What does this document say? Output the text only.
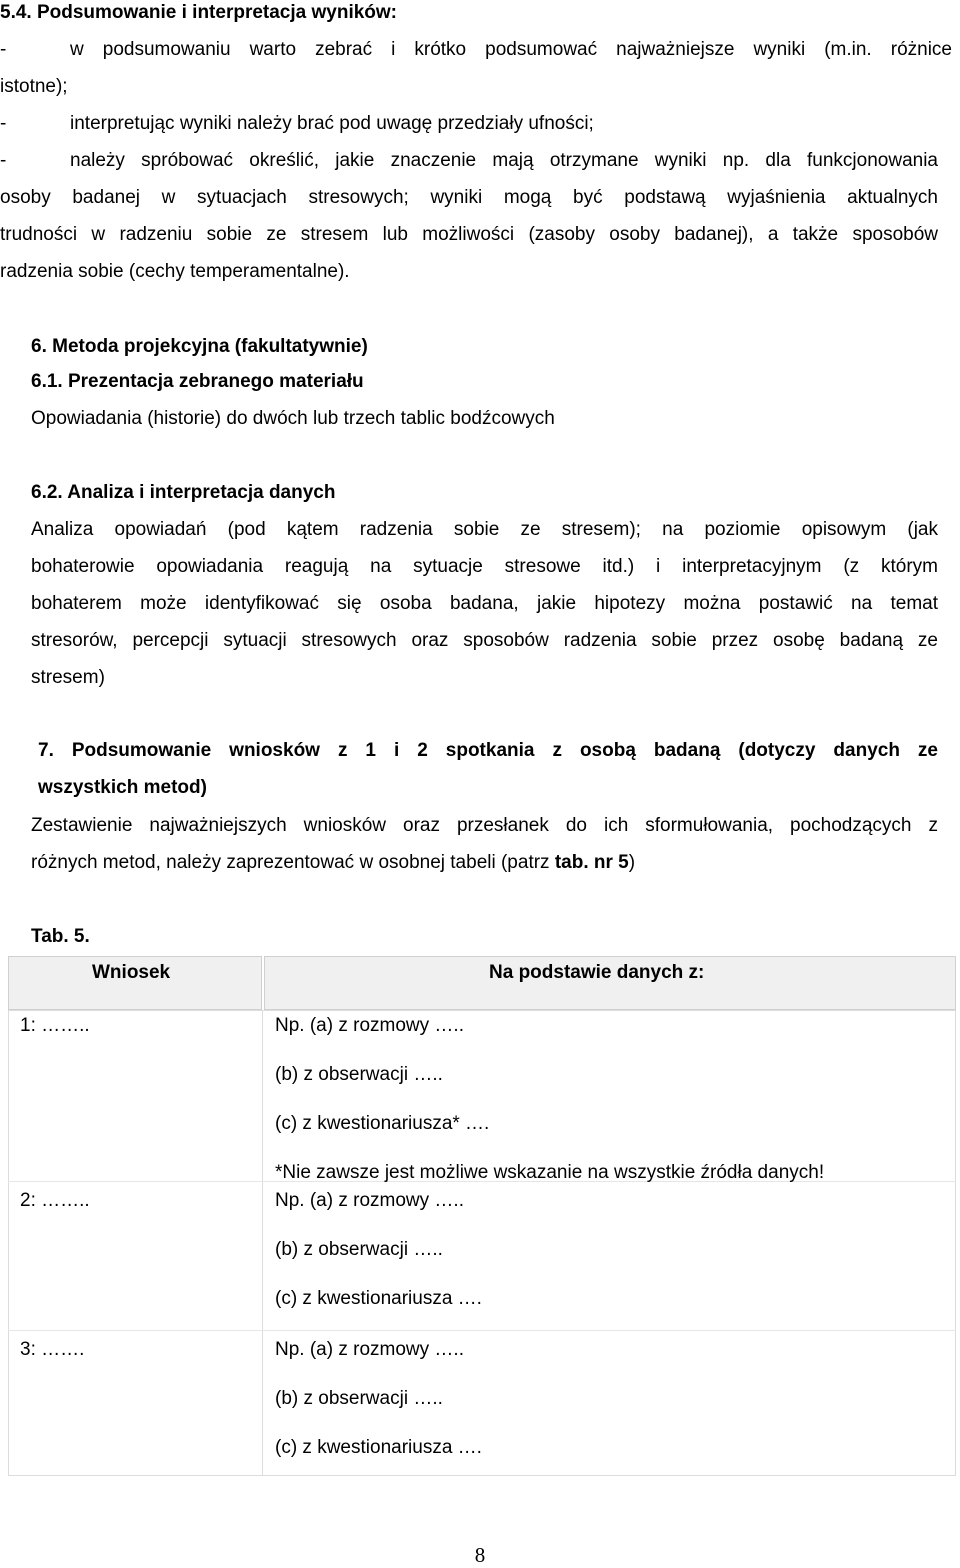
5.4. Podsumowanie i interpretacja wyników:
-	w podsumowaniu warto zebrać i krótko podsumować najważniejsze wyniki (m.in. różnice
istotne);
-	interpretując wyniki należy brać pod uwagę przedziały ufności;
-	należy spróbować określić, jakie znaczenie mają otrzymane wyniki np. dla funkcjonowania
osoby badanej w sytuacjach stresowych; wyniki mogą być podstawą wyjaśnienia aktualnych
trudności w radzeniu sobie ze stresem lub możliwości (zasoby osoby badanej), a także sposobów
radzenia sobie (cechy temperamentalne).
6. Metoda projekcyjna (fakultatywnie)
6.1. Prezentacja zebranego materiału
Opowiadania (historie) do dwóch lub trzech tablic bodźcowych
6.2. Analiza i interpretacja danych
Analiza opowiadań (pod kątem radzenia sobie ze stresem); na poziomie opisowym (jak
bohaterowie opowiadania reagują na sytuacje stresowe itd.) i interpretacyjnym (z którym
bohaterem może identyfikować się osoba badana, jakie hipotezy można postawić na temat
stresorów, percepcji sytuacji stresowych oraz sposobów radzenia sobie przez osobę badaną ze
stresem)
7. Podsumowanie wniosków z 1 i 2 spotkania z osobą badaną (dotyczy danych ze
wszystkich metod)
Zestawienie najważniejszych wniosków oraz przesłanek do ich sformułowania, pochodzących z
różnych metod, należy zaprezentować w osobnej tabeli (patrz tab. nr 5)
Tab. 5.
Wniosek	Na podstawie danych z:
1: ……..	Np. (a) z rozmowy …..
(b) z obserwacji …..
(c) z kwestionariusza* ….
*Nie zawsze jest możliwe wskazanie na wszystkie źródła danych!
2: ……..	Np. (a) z rozmowy …..
(b) z obserwacji …..
(c) z kwestionariusza ….
3: …….	Np. (a) z rozmowy …..
(b) z obserwacji …..
(c) z kwestionariusza ….
8
